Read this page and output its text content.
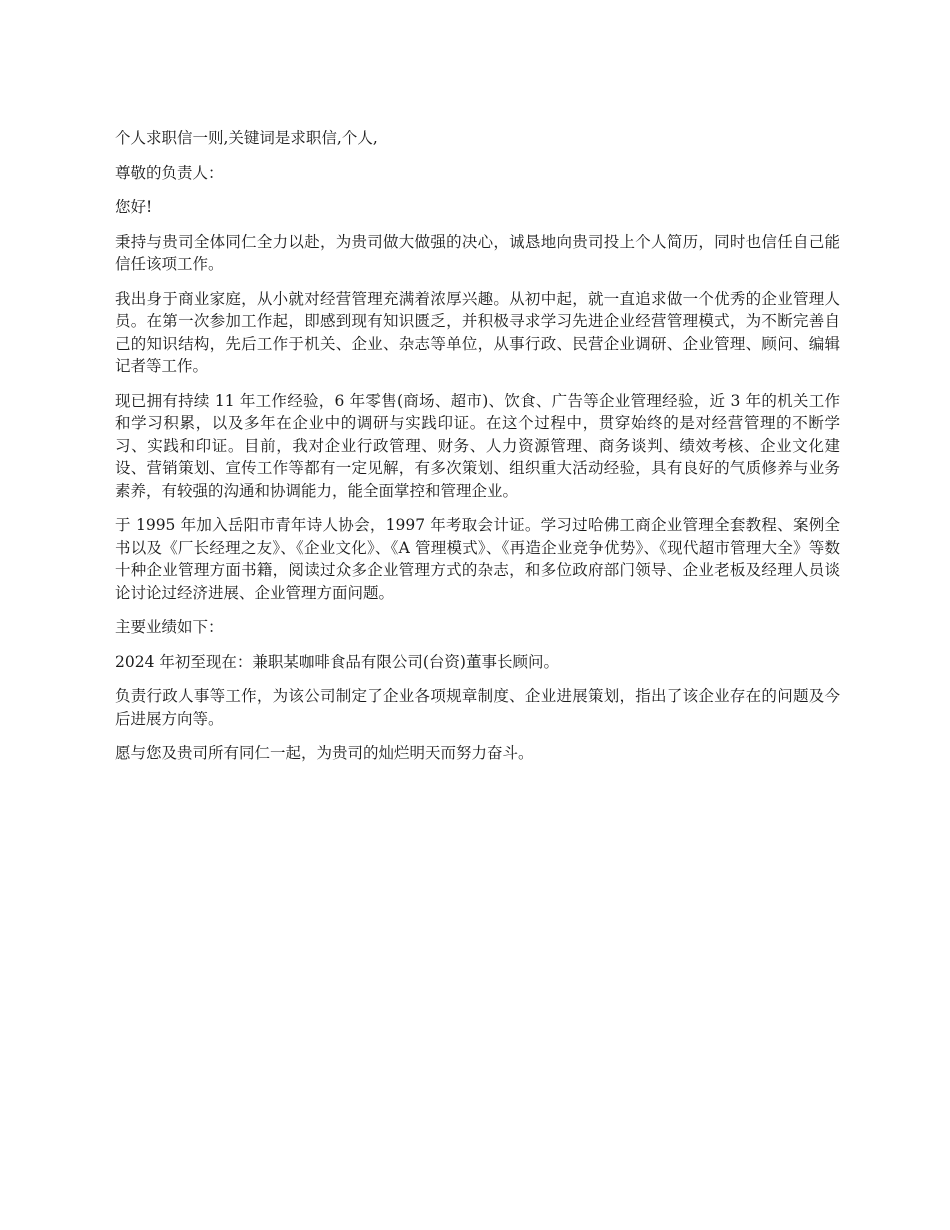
个人求职信一则,关键词是求职信,个人,

尊敬的负责人：

您好!

秉持与贵司全体同仁全力以赴，为贵司做大做强的决心，诚恳地向贵司投上个人简历，同时也信任自己能信任该项工作。

我出身于商业家庭，从小就对经营管理充满着浓厚兴趣。从初中起，就一直追求做一个优秀的企业管理人员。在第一次参加工作起，即感到现有知识匮乏，并积极寻求学习先进企业经营管理模式，为不断完善自己的知识结构，先后工作于机关、企业、杂志等单位，从事行政、民营企业调研、企业管理、顾问、编辑记者等工作。

现已拥有持续 11 年工作经验，6 年零售(商场、超市)、饮食、广告等企业管理经验，近 3 年的机关工作和学习积累，以及多年在企业中的调研与实践印证。在这个过程中，贯穿始终的是对经营管理的不断学习、实践和印证。目前，我对企业行政管理、财务、人力资源管理、商务谈判、绩效考核、企业文化建设、营销策划、宣传工作等都有一定见解，有多次策划、组织重大活动经验，具有良好的气质修养与业务素养，有较强的沟通和协调能力，能全面掌控和管理企业。

于 1995 年加入岳阳市青年诗人协会，1997 年考取会计证。学习过哈佛工商企业管理全套教程、案例全书以及《厂长经理之友》、《企业文化》、《A 管理模式》、《再造企业竞争优势》、《现代超市管理大全》等数十种企业管理方面书籍，阅读过众多企业管理方式的杂志，和多位政府部门领导、企业老板及经理人员谈论讨论过经济进展、企业管理方面问题。

主要业绩如下：

2024 年初至现在：兼职某咖啡食品有限公司(台资)董事长顾问。

负责行政人事等工作，为该公司制定了企业各项规章制度、企业进展策划，指出了该企业存在的问题及今后进展方向等。

愿与您及贵司所有同仁一起，为贵司的灿烂明天而努力奋斗。
